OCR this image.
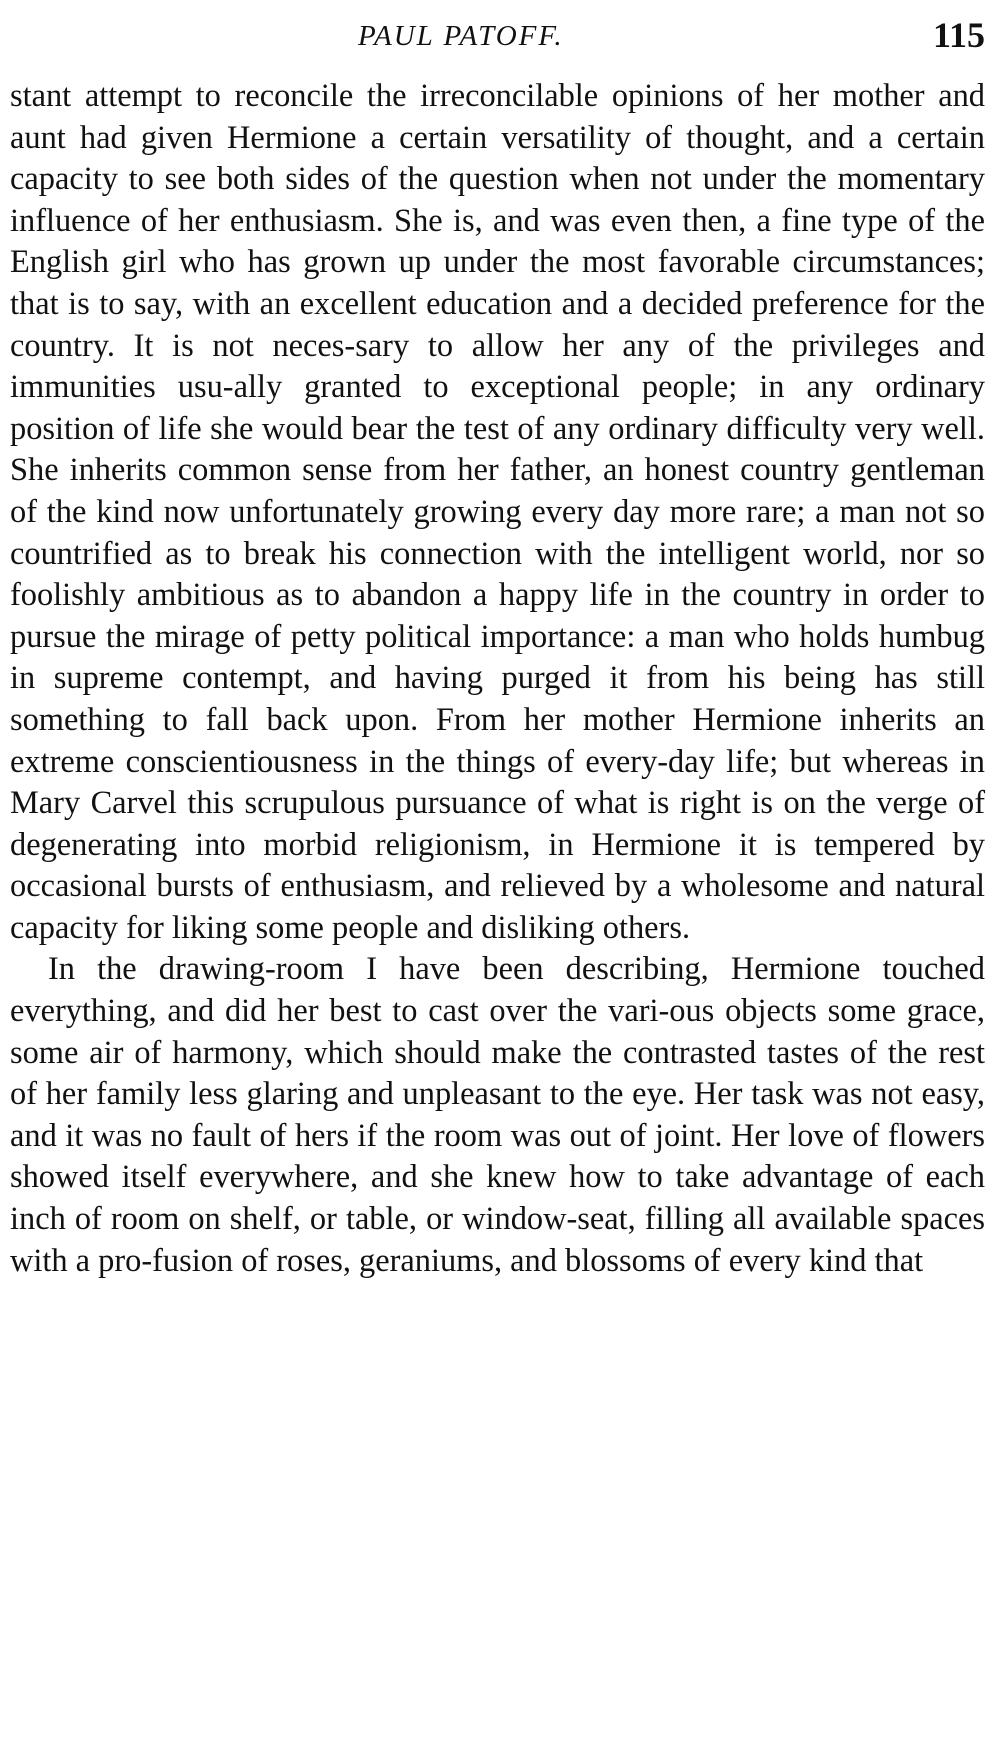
PAUL PATOFF.	115

stant attempt to reconcile the irreconcilable opinions of her mother and aunt had given Hermione a certain versatility of thought, and a certain capacity to see both sides of the question when not under the momentary influence of her enthusiasm. She is, and was even then, a fine type of the English girl who has grown up under the most favorable circumstances; that is to say, with an excellent education and a decided preference for the country. It is not neces-sary to allow her any of the privileges and immunities usu-ally granted to exceptional people; in any ordinary position of life she would bear the test of any ordinary difficulty very well. She inherits common sense from her father, an honest country gentleman of the kind now unfortunately growing every day more rare; a man not so countrified as to break his connection with the intelligent world, nor so foolishly ambitious as to abandon a happy life in the country in order to pursue the mirage of petty political importance: a man who holds humbug in supreme contempt, and having purged it from his being has still something to fall back upon. From her mother Hermione inherits an extreme conscientiousness in the things of every-day life; but whereas in Mary Carvel this scrupulous pursuance of what is right is on the verge of degenerating into morbid religionism, in Hermione it is tempered by occasional bursts of enthusiasm, and relieved by a wholesome and natural capacity for liking some people and disliking others.

In the drawing-room I have been describing, Hermione touched everything, and did her best to cast over the vari-ous objects some grace, some air of harmony, which should make the contrasted tastes of the rest of her family less glaring and unpleasant to the eye. Her task was not easy, and it was no fault of hers if the room was out of joint. Her love of flowers showed itself everywhere, and she knew how to take advantage of each inch of room on shelf, or table, or window-seat, filling all available spaces with a pro-fusion of roses, geraniums, and blossoms of every kind that
